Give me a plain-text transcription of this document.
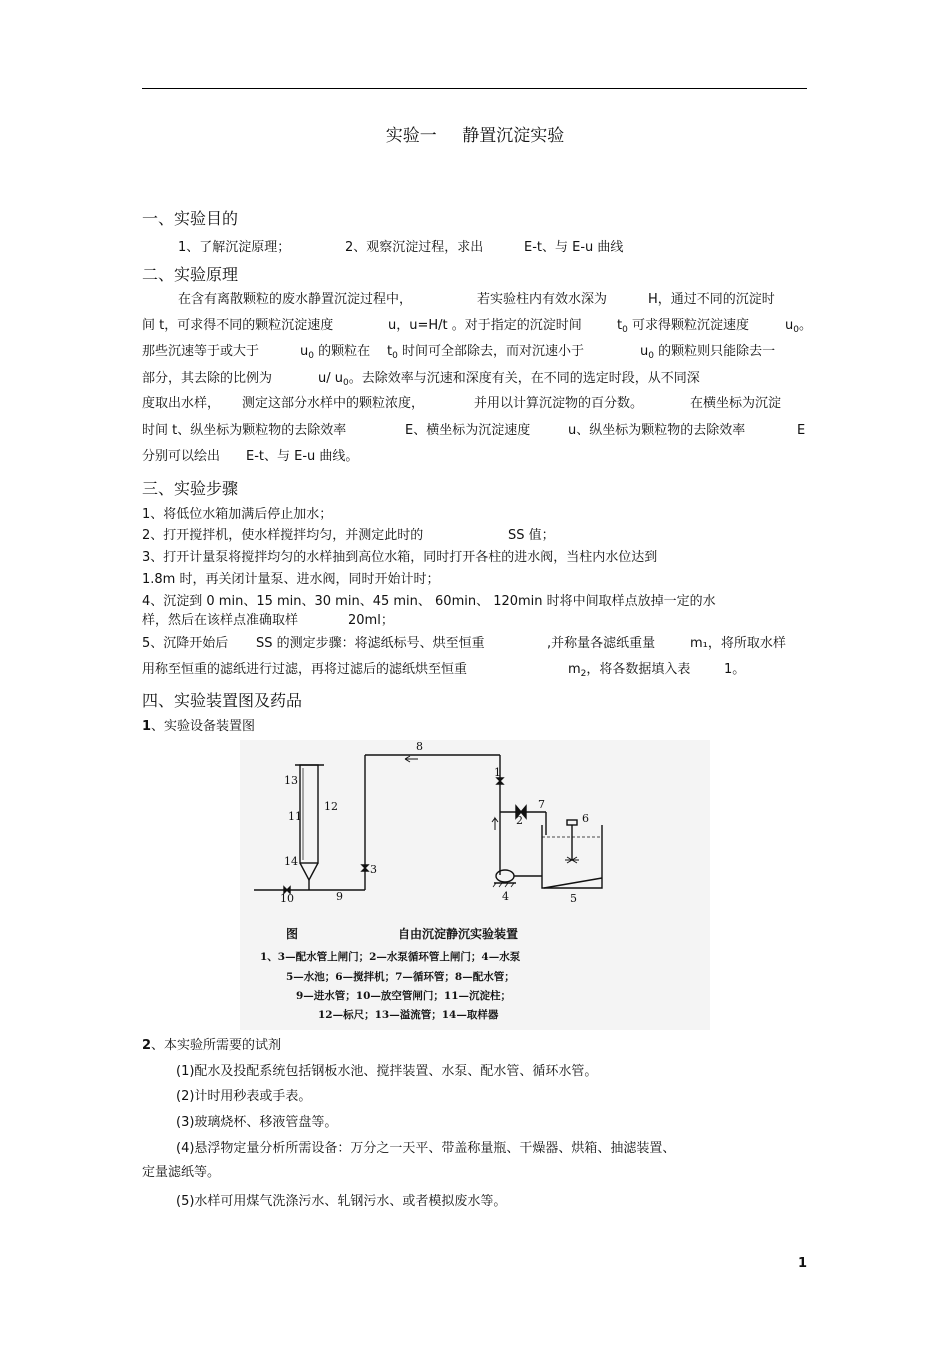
实验一 静置沉淀实验
一、实验目的
1、了解沉淀原理；	2、观察沉淀过程，求出	E-t、与 E-u 曲线
二、实验原理
在含有离散颗粒的废水静置沉淀过程中，	若实验柱内有效水深为	H，通过不同的沉淀时
间 t，可求得不同的颗粒沉淀速度	u，u=H/t 。对于指定的沉淀时间	$t_0$ 可求得颗粒沉淀速度	$u_0$。
那些沉速等于或大于	$u_0$ 的颗粒在 $t_0$ 时间可全部除去，而对沉速小于	$u_0$ 的颗粒则只能除去一
部分，其去除的比例为	u/ $u_0$。去除效率与沉速和深度有关，在不同的选定时段，从不同深
度取出水样， 测定这部分水样中的颗粒浓度，	并用以计算沉淀物的百分数。	在横坐标为沉淀
时间 t、纵坐标为颗粒物的去除效率	E、横坐标为沉淀速度	u、纵坐标为颗粒物的去除效率	E
分别可以绘出 E-t、与 E-u 曲线。
三、实验步骤
1、将低位水箱加满后停止加水；
2、打开搅拌机，使水样搅拌均匀，并测定此时的	SS 值；
3、打开计量泵将搅拌均匀的水样抽到高位水箱，同时打开各柱的进水阀，当柱内水位达到
1.8m 时，再关闭计量泵、进水阀，同时开始计时；
4、沉淀到 0 min、15 min、30 min、45 min、 60min、 120min 时将中间取样点放掉一定的水
样，然后在该样点准确取样	20ml；
5、沉降开始后 SS 的测定步骤：将滤纸标号、烘至恒重	,并称量各滤纸重量	m₁，将所取水样
用称至恒重的滤纸进行过滤，再将过滤后的滤纸烘至恒重	$m_2$，将各数据填入表	1。
四、实验装置图及药品
1、实验设备装置图
1
2
3
4	5
6
7
8
9
10
11
12
13
14
图	自由沉淀静沉实验装置
1、3—配水管上闸门；2—水泵循环管上闸门；4—水泵
5—水池；6—搅拌机；7—循环管；8—配水管；
9—进水管；10—放空管闸门；11—沉淀柱；
12—标尺；13—溢流管；14—取样器
2、本实验所需要的试剂
(1)配水及投配系统包括钢板水池、搅拌装置、水泵、配水管、循环水管。
(2)计时用秒表或手表。
(3)玻璃烧杯、移液管盘等。
(4)悬浮物定量分析所需设备：万分之一天平、带盖称量瓶、干燥器、烘箱、抽滤装置、
定量滤纸等。
(5)水样可用煤气洗涤污水、轧钢污水、或者模拟废水等。
1
